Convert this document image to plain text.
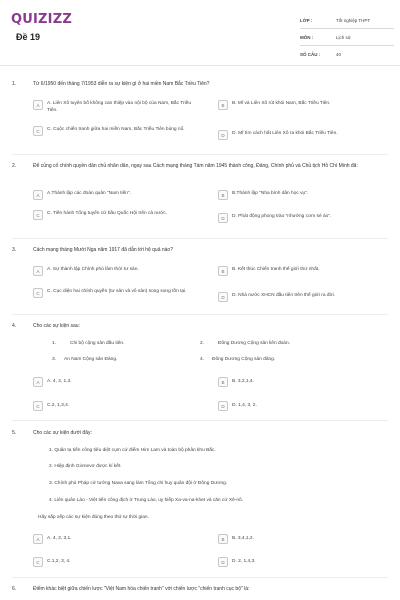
QUIZIZZ
Đề 19
LỚP :	Tốt nghiệp THPT
MÔN :	Lịch sử
SỐ CÂU :	40
1.	Từ 6/1950 đến tháng 7/1953 diễn ra sự kiện gì ở hai miền Nam Bắc Triều Tiên?
A	A. Liên Xô tuyên bố không can thiệp vào nội bộ của Nam, Bắc Triều Tiên.
B	B. Mĩ và Liên Xô rút khỏi Nam, Bắc Triều Tiên.
C	C. Cuộc chiến tranh giữa hai miền Nam, Bắc Triều Tiên bùng nổ.
D	D. Mĩ tìm cách hất Liên Xô ra khỏi Bắc Triều Tiên.
2.	Để củng cố chính quyền dân chủ nhân dân, ngay sau Cách mạng tháng Tám năm 1945 thành công, Đảng, Chính phủ và Chủ tịch Hồ Chí Minh đã:
A	A.Thành lập các đoàn quân "Nam tiến".	B	B.Thành lập "Nha bình dân học vụ".
C	C. Tiến hành Tổng tuyển cử bầu Quốc Hội trên cả nước.
D	D. Phát động phong trào "nhường cơm sẻ áo".
3.	Cách mạng tháng Mười Nga năm 1917 đã dẫn tới hệ quả nào?
A	A. Sự thành lập Chính phủ lâm thời tư sản.	B	B. Kết thúc Chiến tranh thế giới thứ nhất.
C	C. Cục diện hai chính quyền (tư sản và vô sản) song song tồn tại.
D	D. Nhà nước XHCN đầu tiên trên thế giới ra đời.
4.	Cho các sự kiện sau:
1.	Chi bộ cộng sản đầu tiên.	2.	Đông Dương Cộng sản liên đoàn.
3. An Nam Cộng sản Đảng.	4. Đông Dương Cộng sản đảng.
A	A. 4, 2, 1,3.	B	B. 3,2,1,4.
C	C.2, 1,3,4.	D	D. 1,4, 3, 2.
5.	Cho các sự kiện dưới đây:
1. Quân ta tiến công tiêu diệt cụm cứ điểm Him Lam và toàn bộ phân khu Bắc.
2. Hiệp định Giơnevơ được kí kết.
3. Chính phủ Pháp cử tướng Nava sang làm Tổng chỉ huy quân đội ở Đông Dương.
4. Liên quân Lào - Việt tiến công địch ở Trung Lào, uy hiếp Xa-va-na-khet và căn cứ Xê-nô.
Hãy sắp xếp các sự kiện đúng theo thứ tự thời gian.
A	A. 4, 2, 3,1.	B	B. 3,4,1,2.
C	C.1,2, 3, 4.	D	D. 2, 1,4,3.
6.	Điểm khác biệt giữa chiến lược "Việt Nam hóa chiến tranh" với chiến lược "chiến tranh cục bộ" là:
